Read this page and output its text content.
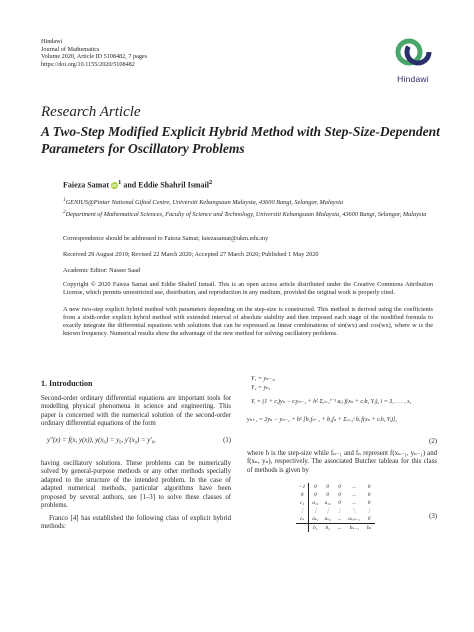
Hindawi
Journal of Mathematics
Volume 2020, Article ID 5108482, 7 pages
https://doi.org/10.1155/2020/5108482
Hindawi
Research Article
A Two-Step Modified Explicit Hybrid Method with Step-Size-Dependent Parameters for Oscillatory Problems
Faieza Samat $iD^1$ and Eddie Shahril Ismail$^2$
$^1$GENIUS@Pintar National Gifted Centre, Universiti Kebangsaan Malaysia, 43600 Bangi, Selangor, Malaysia
$^2$Department of Mathematical Sciences, Faculty of Science and Technology, Universiti Kebangsaan Malaysia, 43600 Bangi, Selangor, Malaysia
Correspondence should be addressed to Faieza Samat; faiezasamat@ukm.edu.my
Received 29 August 2019; Revised 22 March 2020; Accepted 27 March 2020; Published 1 May 2020
Academic Editor: Nasser Saad
Copyright © 2020 Faieza Samat and Eddie Shahril Ismail. This is an open access article distributed under the Creative Commons Attribution License, which permits unrestricted use, distribution, and reproduction in any medium, provided the original work is properly cited.
A new two-step explicit hybrid method with parameters depending on the step-size is constructed. This method is derived using the coefficients from a sixth-order explicit hybrid method with extended interval of absolute stability and then imposed each stage of the modified formula to exactly integrate the differential equations with solutions that can be expressed as linear combinations of sin(wx) and cos(wx), where w is the known frequency. Numerical results show the advantage of the new method for solving oscillatory problems.
1. Introduction
Second-order ordinary differential equations are important tools for modelling physical phenomena in science and engineering. This paper is concerned with the numerical solution of the second-order ordinary differential equations of the form
y″(x) = f(x, y(x)), y(x₀) = y₀, y′(x₀) = y′₀,	(1)
having oscillatory solutions. These problems can be numerically solved by general-purpose methods or any other methods specially adapted to the structure of the intended problem. In the case of adapted numerical methods, particular algorithms have been proposed by several authors, see [1–3] to solve these classes of problems.
Franco [4] has established the following class of explicit hybrid methods:
Y₁ = yₙ₋₁,
Y₂ = yₙ,
Yᵢ = (1 + cᵢ)yₙ − cᵢyₙ₋₁ + h² Σⱼ₌₁ⁱ⁻¹ aᵢⱼ f(xₙ + cⱼh, Yⱼ), i = 3, . . . , s,
yₙ₊₁ = 2yₙ − yₙ₋₁ + h² [b₁fₙ₋₁ + b₂fₙ + Σᵢ₌₃ˢ bᵢ f(xₙ + cᵢh, Yᵢ)],
(2)
where h is the step-size while fₙ₋₁ and fₙ represent f(xₙ₋₁, yₙ₋₁) and f(xₙ, yₙ), respectively. The associated Butcher tableau for this class of methods is given by
−1	0	0	0	...	0
0	0	0	0	...	0
c₃	a₃₁	a₃₂	0	...	0
⋮	⋮	⋮	⋮	⋱	⋮
cₛ	aₛ₁	aₛ₂	...	aₛ,ₛ₋₁	0
	b₁	b₂	...	bₛ₋₁	bₛ
(3)
